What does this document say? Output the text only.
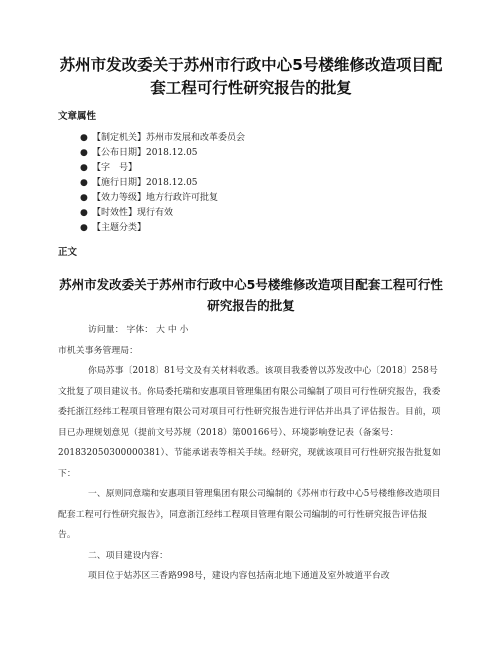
苏州市发改委关于苏州市行政中心5号楼维修改造项目配套工程可行性研究报告的批复
文章属性
● 【制定机关】苏州市发展和改革委员会
● 【公布日期】2018.12.05
● 【字　号】
● 【施行日期】2018.12.05
● 【效力等级】地方行政许可批复
● 【时效性】现行有效
● 【主题分类】
正文
苏州市发改委关于苏州市行政中心5号楼维修改造项目配套工程可行性研究报告的批复

访问量： 字体： 大 中 小

市机关事务管理局：

你局苏事〔2018〕81号文及有关材料收悉。该项目我委曾以苏发改中心〔2018〕258号文批复了项目建议书。你局委托瑞和安惠项目管理集团有限公司编制了项目可行性研究报告，我委委托浙江经纬工程项目管理有限公司对项目可行性研究报告进行评估并出具了评估报告。目前，项目已办理规划意见（提前文号苏规（2018）第00166号）、环境影响登记表（备案号：201832050300000381）、节能承诺表等相关手续。经研究，现就该项目可行性研究报告批复如下：

一、原则同意瑞和安惠项目管理集团有限公司编制的《苏州市行政中心5号楼维修改造项目配套工程可行性研究报告》，同意浙江经纬工程项目管理有限公司编制的可行性研究报告评估报告。

二、项目建设内容：

项目位于姑苏区三香路998号，建设内容包括南北地下通道及室外坡道平台改
